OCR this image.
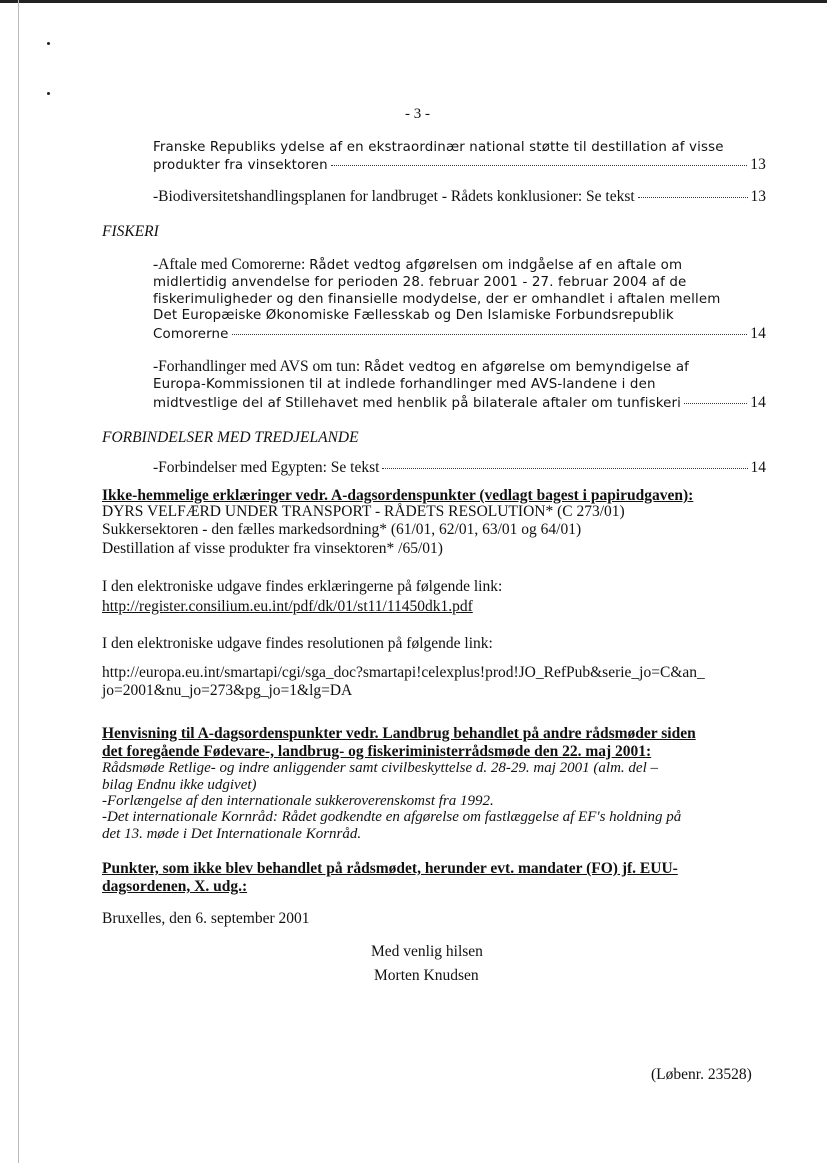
- 3 -
Franske Republiks ydelse af en ekstraordinær national støtte til destillation af visse
produkter fra vinsektoren	13
-Biodiversitetshandlingsplanen for landbruget - Rådets konklusioner: Se tekst	13
FISKERI
-Aftale med Comorerne: Rådet vedtog afgørelsen om indgåelse af en aftale om
midlertidig anvendelse for perioden 28. februar 2001 - 27. februar 2004 af de
fiskerimuligheder og den finansielle modydelse, der er omhandlet i aftalen mellem
Det Europæiske Økonomiske Fællesskab og Den Islamiske Forbundsrepublik
Comorerne	14
-Forhandlinger med AVS om tun: Rådet vedtog en afgørelse om bemyndigelse af
Europa-Kommissionen til at indlede forhandlinger med AVS-landene i den
midtvestlige del af Stillehavet med henblik på bilaterale aftaler om tunfiskeri	14
FORBINDELSER MED TREDJELANDE
-Forbindelser med Egypten: Se tekst	14
Ikke-hemmelige erklæringer vedr. A-dagsordenspunkter (vedlagt bagest i papirudgaven):
DYRS VELFÆRD UNDER TRANSPORT - RÅDETS RESOLUTION* (C 273/01)
Sukkersektoren - den fælles markedsordning* (61/01, 62/01, 63/01 og 64/01)
Destillation af visse produkter fra vinsektoren* /65/01)
I den elektroniske udgave findes erklæringerne på følgende link:
http://register.consilium.eu.int/pdf/dk/01/st11/11450dk1.pdf
I den elektroniske udgave findes resolutionen på følgende link:
http://europa.eu.int/smartapi/cgi/sga_doc?smartapi!celexplus!prod!JO_RefPub&serie_jo=C&an_
jo=2001&nu_jo=273&pg_jo=1&lg=DA
Henvisning til A-dagsordenspunkter vedr. Landbrug behandlet på andre rådsmøder siden
det foregående Fødevare-, landbrug- og fiskeriministerrådsmøde den 22. maj 2001:
Rådsmøde Retlige- og indre anliggender samt civilbeskyttelse d. 28-29. maj 2001 (alm. del –
bilag Endnu ikke udgivet)
-Forlængelse af den internationale sukkeroverenskomst fra 1992.
-Det internationale Kornråd: Rådet godkendte en afgørelse om fastlæggelse af EF's holdning på
det 13. møde i Det Internationale Kornråd.
Punkter, som ikke blev behandlet på rådsmødet, herunder evt. mandater (FO) jf. EUU-
dagsordenen, X. udg.:
Bruxelles, den 6. september 2001
Med venlig hilsen
Morten Knudsen
(Løbenr. 23528)
